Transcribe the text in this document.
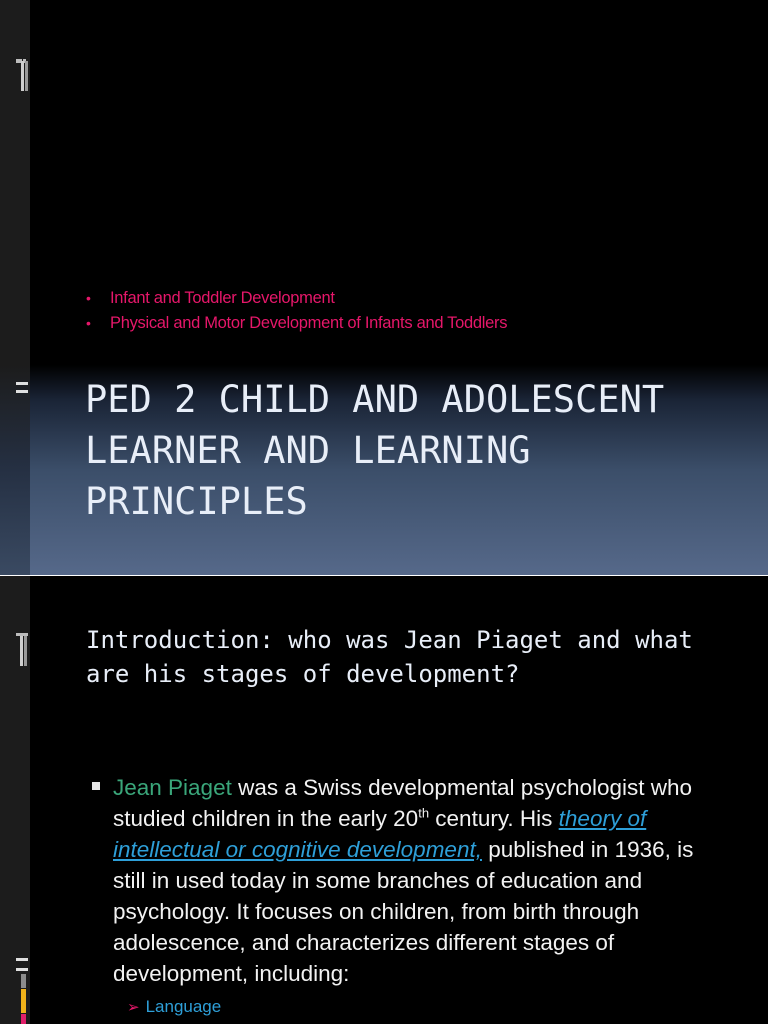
• Infant and Toddler Development
• Physical and Motor Development of Infants and Toddlers
PED 2 CHILD AND ADOLESCENT
LEARNER AND LEARNING
PRINCIPLES
Introduction: who was Jean Piaget and what
are his stages of development?
Jean Piaget was a Swiss developmental psychologist who studied children in the early 20th century. His theory of intellectual or cognitive development, published in 1936, is still in used today in some branches of education and psychology. It focuses on children, from birth through adolescence, and characterizes different stages of development, including:
➢ Language
